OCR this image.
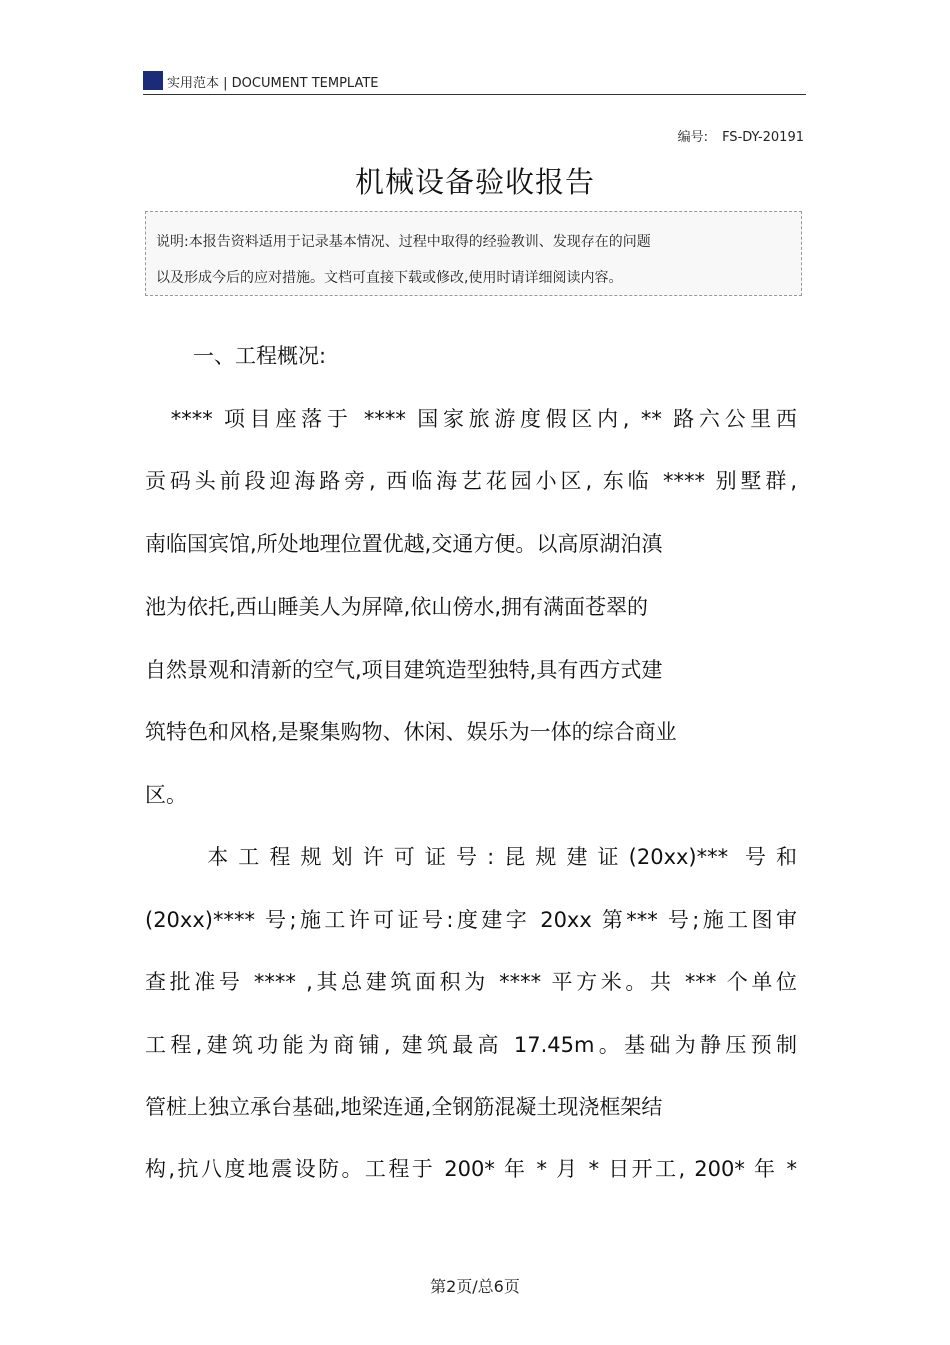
实用范本 | DOCUMENT TEMPLATE
编号: FS-DY-20191
机械设备验收报告

说明:本报告资料适用于记录基本情况、过程中取得的经验教训、发现存在的问题

以及形成今后的应对措施。文档可直接下载或修改,使用时请详细阅读内容。

一、工程概况:
　**** 项目座落于 **** 国家旅游度假区内, ** 路六公里西
贡码头前段迎海路旁, 西临海艺花园小区, 东临 **** 别墅群,
南临国宾馆,所处地理位置优越,交通方便。以高原湖泊滇
池为依托,西山睡美人为屏障,依山傍水,拥有满面苍翠的
自然景观和清新的空气,项目建筑造型独特,具有西方式建
筑特色和风格,是聚集购物、休闲、娱乐为一体的综合商业
区。
　　本工程规划许可证号:昆规建证(20xx)*** 号和
(20xx)**** 号;施工许可证号:度建字 20xx 第*** 号;施工图审
查批准号 **** ,其总建筑面积为 **** 平方米。共 *** 个单位
工程,建筑功能为商铺, 建筑最高 17.45m。基础为静压预制
管桩上独立承台基础,地梁连通,全钢筋混凝土现浇框架结
构,抗八度地震设防。工程于 200* 年 * 月 * 日开工, 200* 年 *
第2页/总6页
